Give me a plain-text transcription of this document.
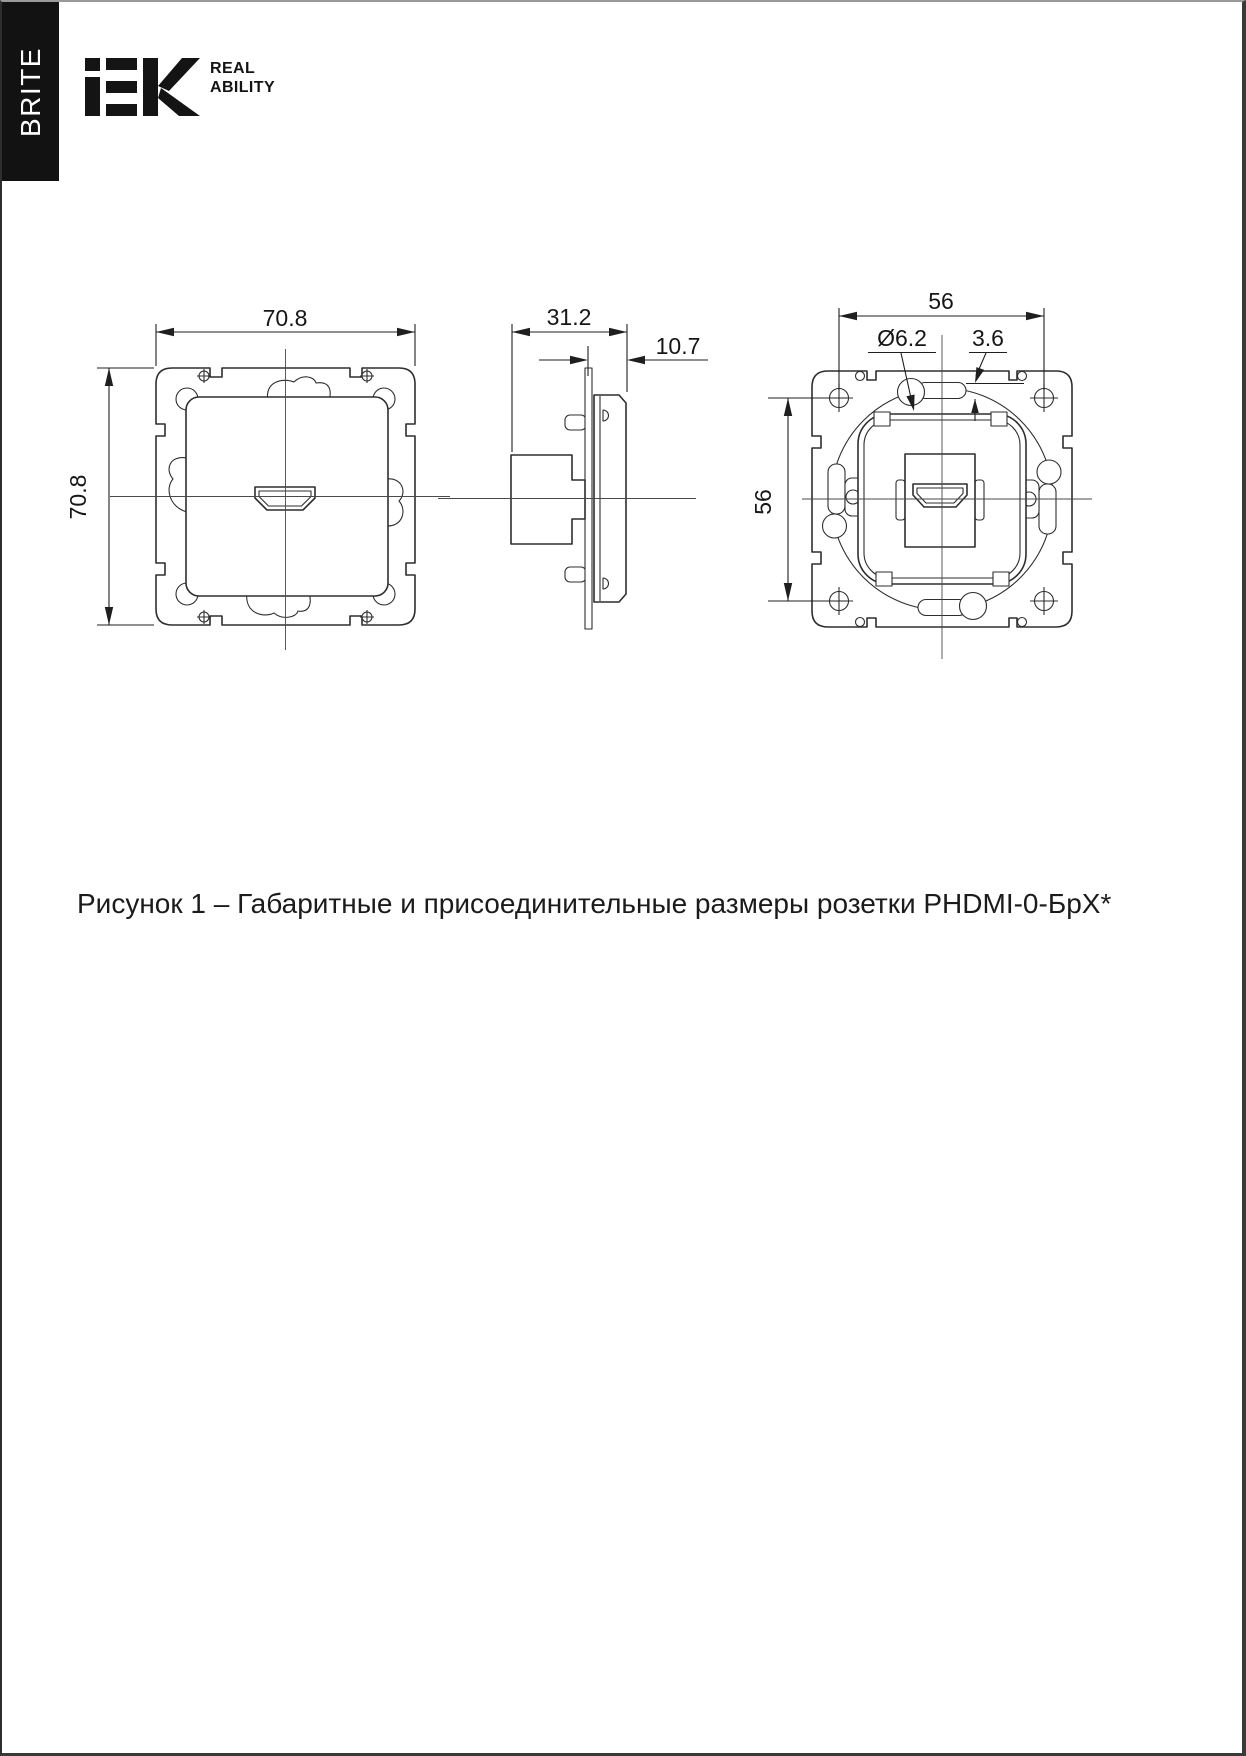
BRITE	REAL
ABILITY
70.8
70.8
31.2
10.7
56
56
Ø6.2 3.6
Рисунок 1 – Габаритные и присоединительные размеры розетки PHDMI-0-БрХ*
